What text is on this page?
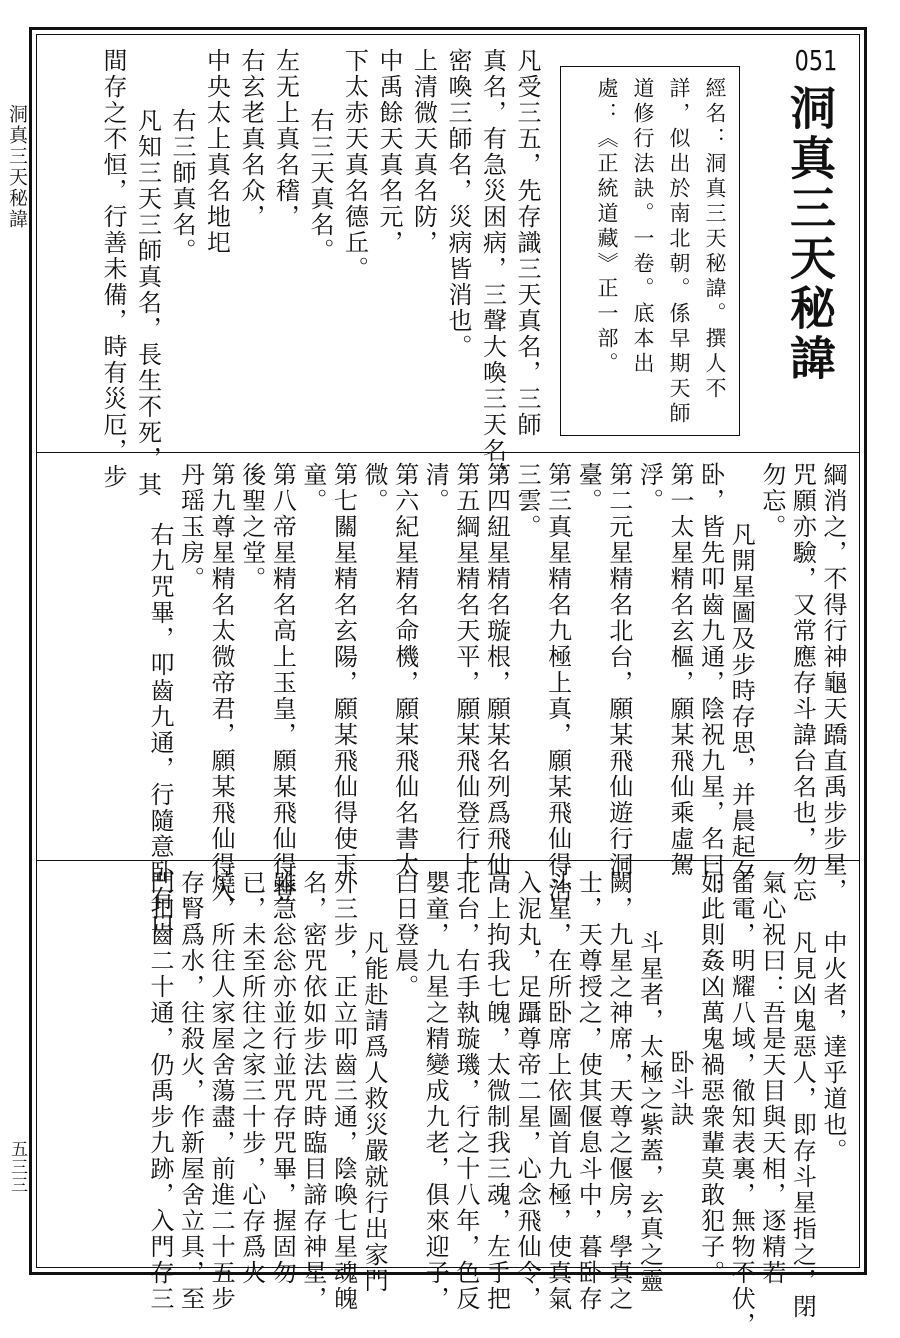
洞真三天秘諱
五三三
051
洞真三天秘諱
經名：洞真三天秘諱。撰人不
詳，似出於南北朝。係早期天師
道修行法訣。一卷。底本出
處：《正統道藏》正一部。
凡受三五，先存識三天真名，三師
真名，有急災困病，三聲大喚三天名，
密喚三師名，災病皆消也。
上清微天真名防，
中禹餘天真名元，
下太赤天真名德丘。
右三天真名。
左无上真名𥡴，
右玄老真名众，
中央太上真名地圯
右三師真名。
凡知三天三師真名，長生不死，其
間存之不恒，行善未備，時有災厄，步
綱消之，不得行神龜天蹻直禹步步星，
咒願亦驗，又常應存斗諱台名也，勿忘
勿忘。
凡開星圖及步時存思，并晨起夕
卧，皆先叩齒九通，陰祝九星，名曰：
第一太星精名玄樞，願某飛仙乘虛駕
浮。
第二元星精名北台，願某飛仙遊行洞
臺。
第三真星精名九極上真，願某飛仙得治
三雲。
第四紐星精名璇根，願某名列爲飛仙。
第五綱星精名天平，願某飛仙登行上
清。
第六紀星精名命機，願某飛仙名書太
微。
第七關星精名玄陽，願某飛仙得使玉
童。
第八帝星精名高上玉皇，願某飛仙得登
後聖之堂。
第九尊星精名太微帝君，願某飛仙得入
丹瑶玉房。
右九咒畢，叩齒九通，行隨意卧有口
中火者，達乎道也。
凡見凶鬼惡人，即存斗星指之，閉
氣心祝曰：吾是天目與天相，逐精若
雷電，明耀八域，徹知表裏，無物不伏，
如此則姦凶萬鬼禍惡衆輩莫敢犯子。
卧斗訣
斗星者，太極之紫蓋，玄真之靈
闕，九星之神席，天尊之偃房，學真之
士，天尊授之，使其偃息斗中，暮卧存
斗星，在所卧席上依圖首九極，使真氣
入泥丸，足躡尊帝二星，心念飛仙令，
高上拘我七魄，太微制我三魂，左手把
北台，右手執璇璣，行之十八年，色反
嬰童，九星之精變成九老，俱來迎子，
白日登晨。
凡能赴請爲人救災嚴就行出家門
外三步，正立叩齒三通，陰喚七星魂魄
名，密咒依如步法咒時臨目諦存神星，
雖急忩忩亦並行並咒存咒畢，握固勿
已，未至所往之家三十步，心存爲火
燒，所往人家屋舍蕩盡，前進二十五步
存腎爲水，往殺火，作新屋舍立具，至
門扣齒二十通，仍禹步九跡，入門存三
